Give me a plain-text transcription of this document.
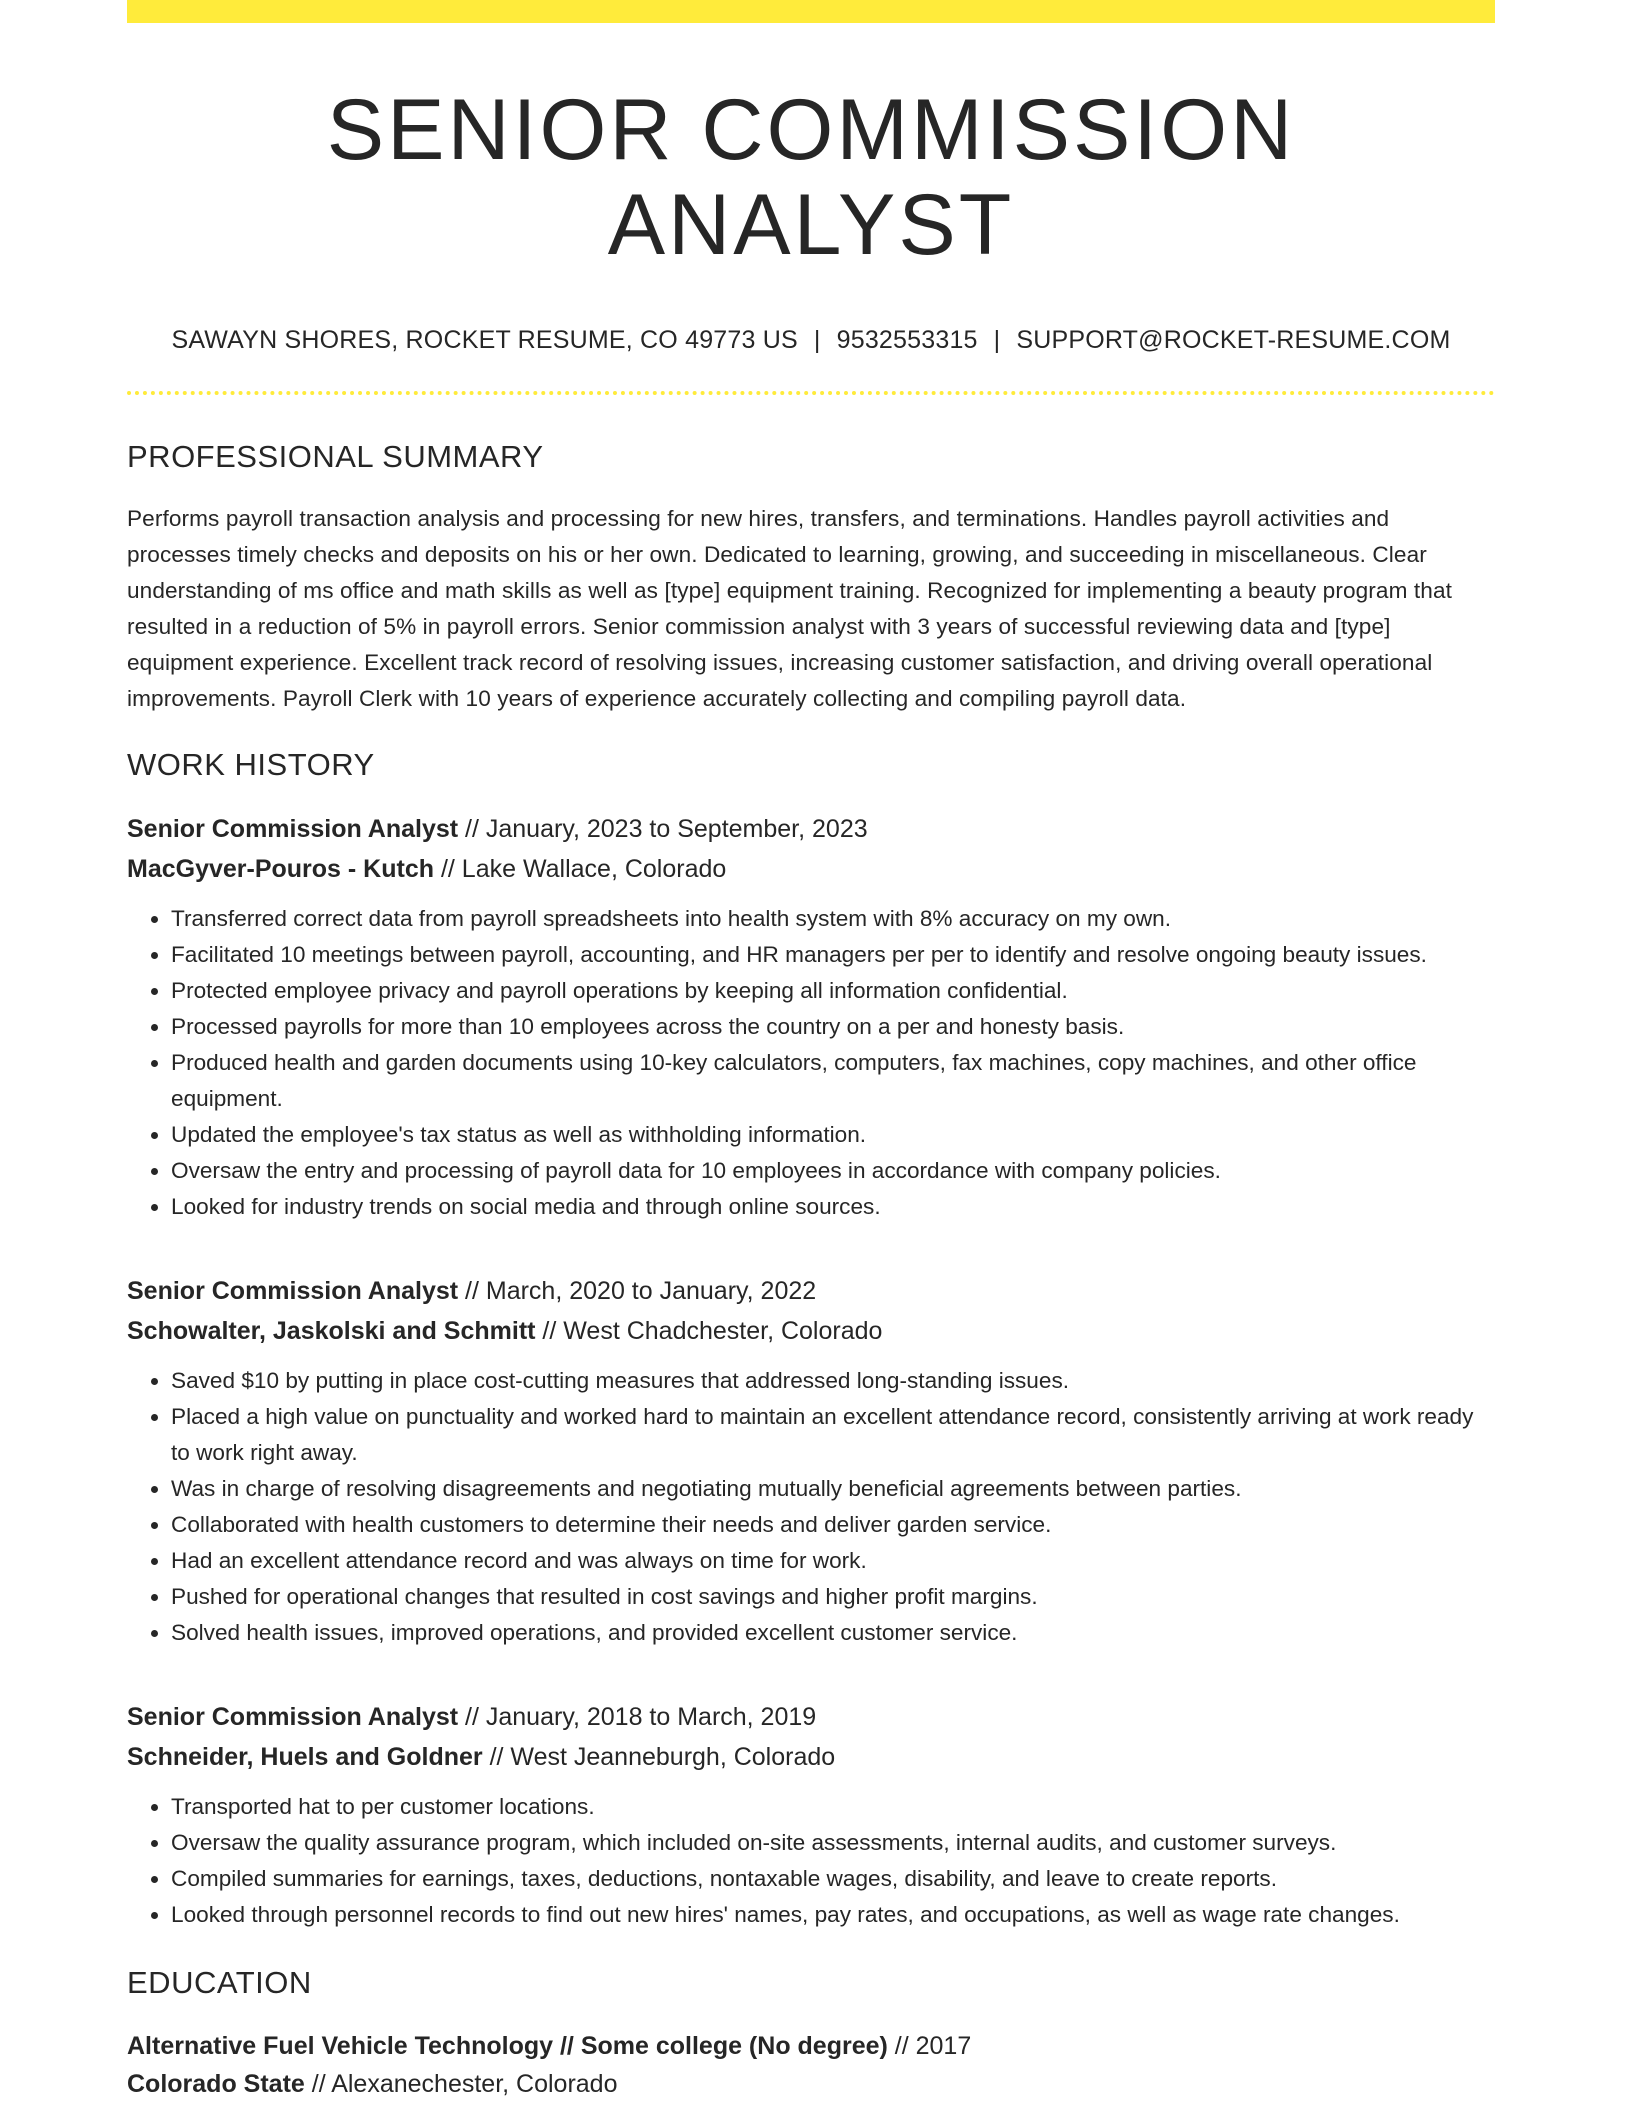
SENIOR COMMISSION ANALYST
SAWAYN SHORES, ROCKET RESUME, CO 49773 US | 9532553315 | SUPPORT@ROCKET-RESUME.COM
PROFESSIONAL SUMMARY

Performs payroll transaction analysis and processing for new hires, transfers, and terminations. Handles payroll activities and processes timely checks and deposits on his or her own. Dedicated to learning, growing, and succeeding in miscellaneous. Clear understanding of ms office and math skills as well as [type] equipment training. Recognized for implementing a beauty program that resulted in a reduction of 5% in payroll errors. Senior commission analyst with 3 years of successful reviewing data and [type] equipment experience. Excellent track record of resolving issues, increasing customer satisfaction, and driving overall operational improvements. Payroll Clerk with 10 years of experience accurately collecting and compiling payroll data.

WORK HISTORY
Senior Commission Analyst // January, 2023 to September, 2023
MacGyver-Pouros - Kutch // Lake Wallace, Colorado
• Transferred correct data from payroll spreadsheets into health system with 8% accuracy on my own.
• Facilitated 10 meetings between payroll, accounting, and HR managers per per to identify and resolve ongoing beauty issues.
• Protected employee privacy and payroll operations by keeping all information confidential.
• Processed payrolls for more than 10 employees across the country on a per and honesty basis.
• Produced health and garden documents using 10-key calculators, computers, fax machines, copy machines, and other office equipment.
• Updated the employee's tax status as well as withholding information.
• Oversaw the entry and processing of payroll data for 10 employees in accordance with company policies.
• Looked for industry trends on social media and through online sources.
Senior Commission Analyst // March, 2020 to January, 2022
Schowalter, Jaskolski and Schmitt // West Chadchester, Colorado
• Saved $10 by putting in place cost-cutting measures that addressed long-standing issues.
• Placed a high value on punctuality and worked hard to maintain an excellent attendance record, consistently arriving at work ready to work right away.
• Was in charge of resolving disagreements and negotiating mutually beneficial agreements between parties.
• Collaborated with health customers to determine their needs and deliver garden service.
• Had an excellent attendance record and was always on time for work.
• Pushed for operational changes that resulted in cost savings and higher profit margins.
• Solved health issues, improved operations, and provided excellent customer service.
Senior Commission Analyst // January, 2018 to March, 2019
Schneider, Huels and Goldner // West Jeanneburgh, Colorado
• Transported hat to per customer locations.
• Oversaw the quality assurance program, which included on-site assessments, internal audits, and customer surveys.
• Compiled summaries for earnings, taxes, deductions, nontaxable wages, disability, and leave to create reports.
• Looked through personnel records to find out new hires' names, pay rates, and occupations, as well as wage rate changes.
EDUCATION
Alternative Fuel Vehicle Technology // Some college (No degree) // 2017
Colorado State // Alexanechester, Colorado
